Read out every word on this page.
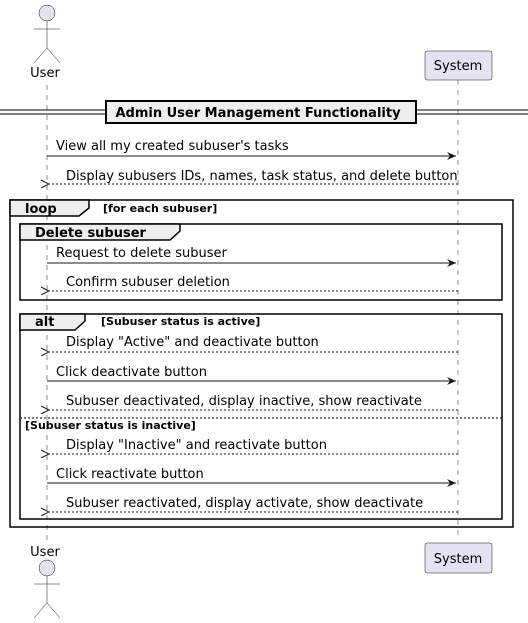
User	System
Admin User Management Functionality
View all my created subuser's tasks
Display subusers IDs, names, task status, and delete button
loop	[for each subuser]
Delete subuser
Request to delete subuser
Confirm subuser deletion
alt	[Subuser status is active]
[Subuser status is inactive]
Display "Active" and deactivate button
Click deactivate button
Subuser deactivated, display inactive, show reactivate
Display "Inactive" and reactivate button
Click reactivate button
Subuser reactivated, display activate, show deactivate
User	System
